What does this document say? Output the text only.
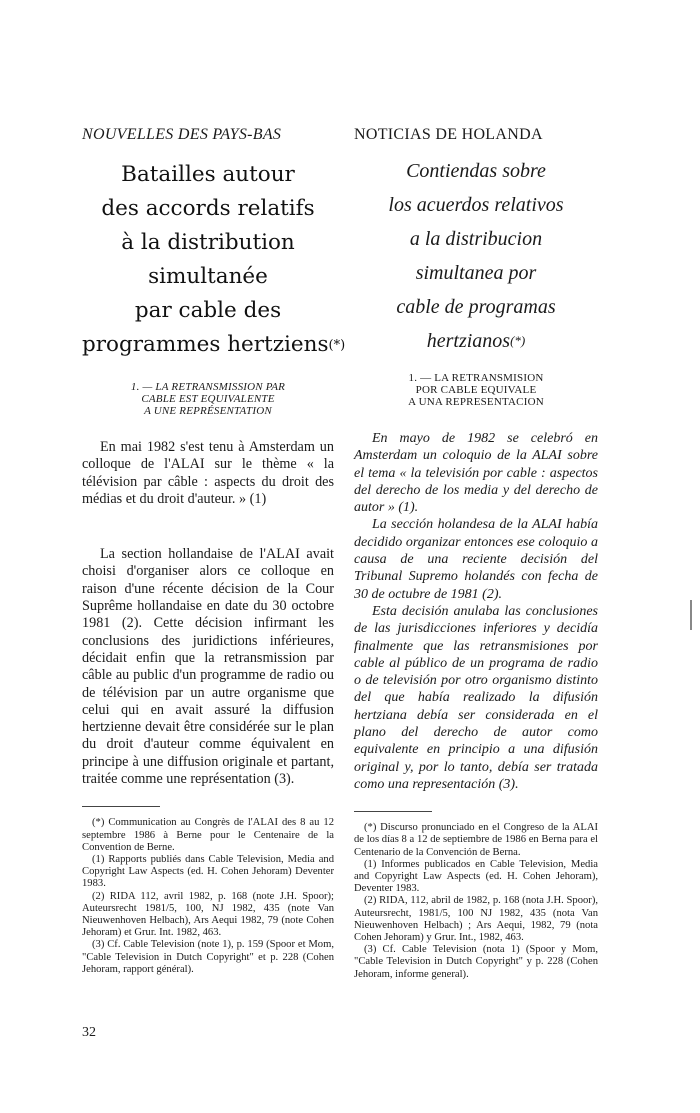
NOUVELLES DES PAYS-BAS
Batailles autour
des accords relatifs
à la distribution
simultanée
par cable des
programmes hertziens(*)
1. — LA RETRANSMISSION PAR
CABLE EST EQUIVALENTE
A UNE REPRÉSENTATION

En mai 1982 s'est tenu à Amsterdam un colloque de l'ALAI sur le thème « la télévision par câble : aspects du droit des médias et du droit d'auteur. » (1)

La section hollandaise de l'ALAI avait choisi d'organiser alors ce colloque en raison d'une récente décision de la Cour Suprême hollandaise en date du 30 octobre 1981 (2). Cette décision infirmant les conclusions des juridictions inférieures, décidait enfin que la retransmission par câble au public d'un programme de radio ou de télévision par un autre organisme que celui qui en avait assuré la diffusion hertzienne devait être considérée sur le plan du droit d'auteur comme équivalent en principe à une diffusion originale et partant, traitée comme une représentation (3).

(*) Communication au Congrès de l'ALAI des 8 au 12 septembre 1986 à Berne pour le Centenaire de la Convention de Berne.

(1) Rapports publiés dans Cable Television, Media and Copyright Law Aspects (ed. H. Cohen Jehoram) Deventer 1983.

(2) RIDA 112, avril 1982, p. 168 (note J.H. Spoor); Auteursrecht 1981/5, 100, NJ 1982, 435 (note Van Nieuwenhoven Helbach), Ars Aequi 1982, 79 (note Cohen Jehoram) et Grur. Int. 1982, 463.

(3) Cf. Cable Television (note 1), p. 159 (Spoor et Mom, "Cable Television in Dutch Copyright" et p. 228 (Cohen Jehoram, rapport général).

NOTICIAS DE HOLANDA
Contiendas sobre
los acuerdos relativos
a la distribucion
simultanea por
cable de programas
hertzianos(*)
1. — LA RETRANSMISION
POR CABLE EQUIVALE
A UNA REPRESENTACION

En mayo de 1982 se celebró en Amsterdam un coloquio de la ALAI sobre el tema « la televisión por cable : aspectos del derecho de los media y del derecho de autor » (1).

La sección holandesa de la ALAI había decidido organizar entonces ese coloquio a causa de una reciente decisión del Tribunal Supremo holandés con fecha de 30 de octubre de 1981 (2).

Esta decisión anulaba las conclusiones de las jurisdicciones inferiores y decidía finalmente que las retransmisiones por cable al público de un programa de radio o de televisión por otro organismo distinto del que había realizado la difusión hertziana debía ser considerada en el plano del derecho de autor como equivalente en principio a una difusión original y, por lo tanto, debía ser tratada como una representación (3).

(*) Discurso pronunciado en el Congreso de la ALAI de los días 8 a 12 de septiembre de 1986 en Berna para el Centenario de la Convención de Berna.

(1) Informes publicados en Cable Television, Media and Copyright Law Aspects (ed. H. Cohen Jehoram), Deventer 1983.

(2) RIDA, 112, abril de 1982, p. 168 (nota J.H. Spoor), Auteursrecht, 1981/5, 100 NJ 1982, 435 (nota Van Nieuwenhoven Helbach) ; Ars Aequi, 1982, 79 (nota Cohen Jehoram) y Grur. Int., 1982, 463.

(3) Cf. Cable Television (nota 1) (Spoor y Mom, "Cable Television in Dutch Copyright" y p. 228 (Cohen Jehoram, informe general).

32
